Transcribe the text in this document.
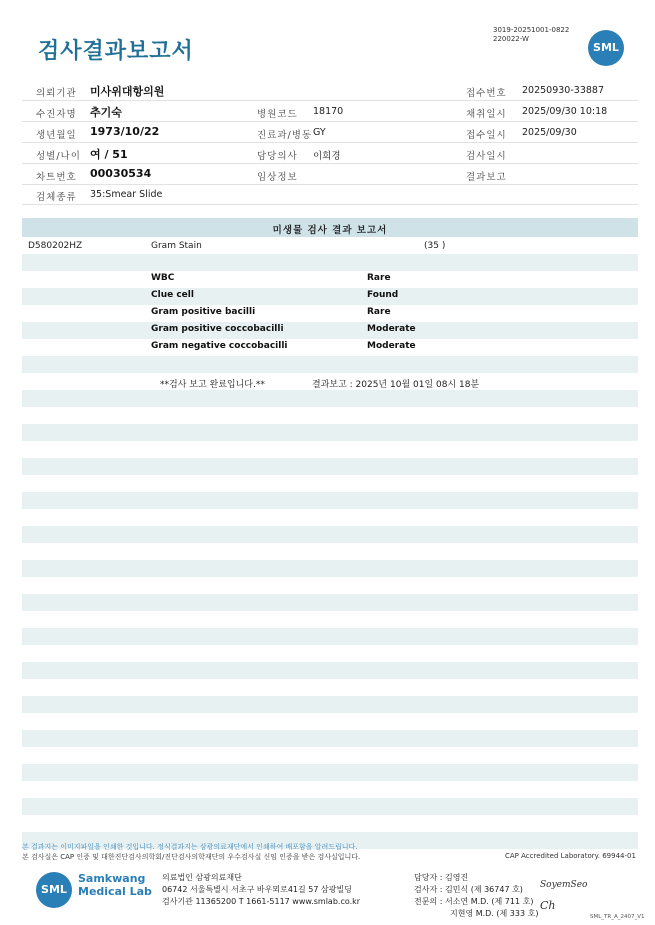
검사결과보고서
3019-20251001-0822
220022-W
SML
의뢰기관 미사위대항의원	접수번호 20250930-33887
수진자명 추기숙	병원코드 18170	채취일시 2025/09/30 10:18
생년월일 1973/10/22	진료과/병동 GY	접수일시 2025/09/30
성별/나이 여 / 51	담당의사 이희경	검사일시
차트번호 00030534	임상정보	결과보고
검체종류 35:Smear Slide
미생물 검사 결과 보고서
D580202HZ	Gram Stain	(35 )
WBC	Rare
Clue cell	Found
Gram positive bacilli	Rare
Gram positive coccobacilli	Moderate
Gram negative coccobacilli	Moderate
**검사 보고 완료입니다.**	결과보고 : 2025년 10월 01일 08시 18분
본 결과지는 이미지파일을 인쇄한 것입니다. 정식결과지는 삼광의료재단에서 인쇄하여 배포함을 알려드립니다.
본 검사실은 CAP 인증 및 대한진단검사의학회/진단검사의학재단의 우수검사실 신임 인증을 받은 검사실입니다.	CAP Accredited Laboratory. 69944-01
SML
Samkwang
Medical Lab
의료법인 삼광의료재단
06742 서울특별시 서초구 바우뫼로41길 57 삼광빌딩
검사기관 11365200 T 1661-5117 www.smlab.co.kr
담당자 : 김영진
검사자 : 김민식 (제 36747 호)
전문의 : 서소연 M.D. (제 711 호)
지현영 M.D. (제 333 호)
SoyemSeo
Ch
SML_TR_A_2407_V1
